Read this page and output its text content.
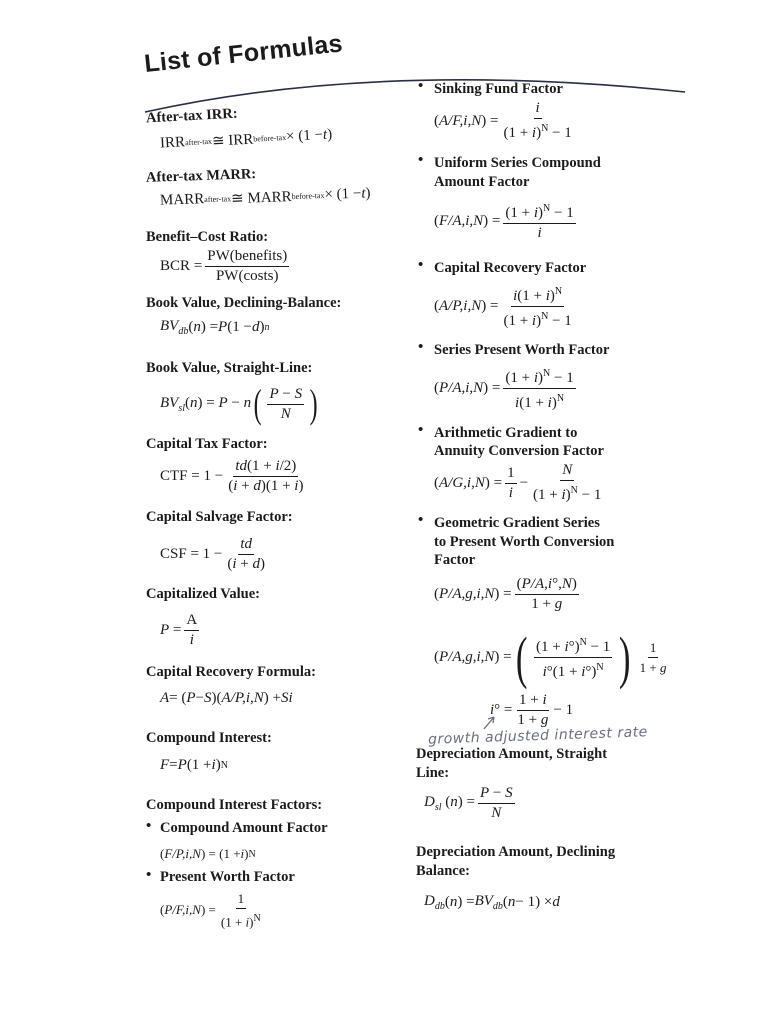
List of Formulas
After-tax IRR:
IRR after-tax ≅ $IRR^{before-tax} \times (1 - t$ )
After-tax MARR:
MARR after-tax ≅ $MARR^{before-tax} \times (1 - t$ )
Benefit–Cost Ratio:
BCR = $\frac{\text{PW(benefits)}}{\text{PW(costs)}}$
Book Value, Declining-Balance:
$BV_{db}$ ( n ) = P (1 − d ) n
Book Value, Straight-Line:
$BV_{sl}(n) = P - n$ ( $\frac{P - S}{N}$ )
Capital Tax Factor:
CTF = $1 - \frac{td(1 + i/2)}{(i + d)(1 + i)}$
Capital Salvage Factor:
CSF = $1 - \frac{td}{(i + d)}$
Capitalized Value:
$P = \frac{A}{i}$
Capital Recovery Formula:
A = ( P − S )( A/P,i,N ) + Si
Compound Interest:
F = P (1 + i ) N
Compound Interest Factors:
• Compound Amount Factor
( F/P,i,N ) = (1 + i ) N
• Present Worth Factor
$(P/F,i,N) = \frac{1}{(1 + i)^N}$
• Sinking Fund Factor
$(A/F,i,N) = \frac{i}{(1 + i)^N - 1}$
• Uniform Series Compound
Amount Factor
$(F/A,i,N) = \frac{(1 + i)^N - 1}{i}$
• Capital Recovery Factor
$(A/P,i,N) = \frac{i(1 + i)^N}{(1 + i)^N - 1}$
• Series Present Worth Factor
$(P/A,i,N) = \frac{(1 + i)^N - 1}{i(1 + i)^N}$
• Arithmetic Gradient to
Annuity Conversion Factor
$(A/G,i,N) = \frac{1}{i} - \frac{N}{(1 + i)^N - 1}$
• Geometric Gradient Series
to Present Worth Conversion
Factor
$(P/A,g,i,N) = \frac{(P/A,i^\circ,N)}{1 + g}$
(P/A,g,i,N) = ( $\frac{(1 + i^\circ)^N - 1}{i^\circ(1 + i^\circ)^N}$ ) $\frac{1}{1 + g}$
$i^\circ = \frac{1 + i}{1 + g} - 1$
growth adjusted interest rate
Depreciation Amount, Straight
Line:
$D_{sl}$ $(n) = \frac{P - S}{N}$
Depreciation Amount, Declining
Balance:
$D_{db}$ ( n ) = $BV_{db}$ ( n − 1) × d
